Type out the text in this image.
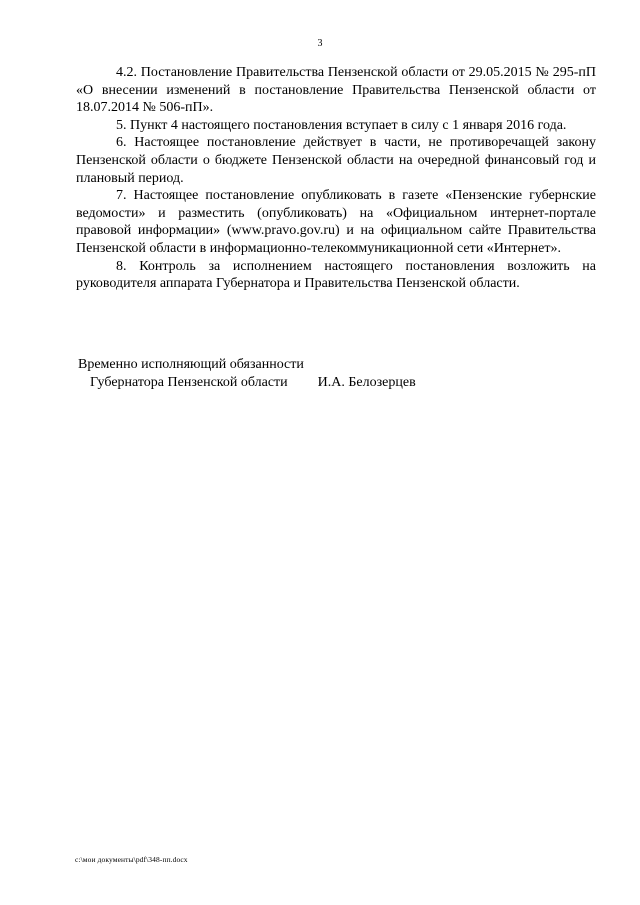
3

4.2. Постановление Правительства Пензенской области от 29.05.2015 № 295-пП «О внесении изменений в постановление Правительства Пензенской области от 18.07.2014 № 506-пП».

5. Пункт 4 настоящего постановления вступает в силу с 1 января 2016 года.

6. Настоящее постановление действует в части, не противоречащей закону Пензенской области о бюджете Пензенской области на очередной финансовый год и плановый период.

7. Настоящее постановление опубликовать в газете «Пензенские губернские ведомости» и разместить (опубликовать) на «Официальном интернет-портале правовой информации» (www.pravo.gov.ru) и на официальном сайте Правительства Пензенской области в информационно-телекоммуникационной сети «Интернет».

8. Контроль за исполнением настоящего постановления возложить на руководителя аппарата Губернатора и Правительства Пензенской области.

Временно исполняющий обязанности
Губернатора Пензенской области И.А. Белозерцев
c:\мои документы\pdf\348-пп.docx
